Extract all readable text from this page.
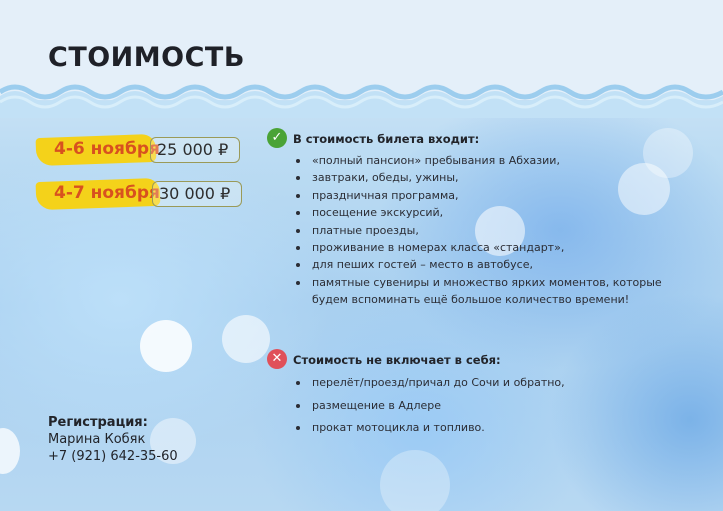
СТОИМОСТЬ
4-6 ноября
25 000 ₽
4-7 ноября 30 000 ₽
✓ В стоимость билета входит:
«полный пансион» пребывания в Абхазии,
завтраки, обеды, ужины,
праздничная программа,
посещение экскурсий,
платные проезды,
проживание в номерах класса «стандарт»,
для пеших гостей – место в автобусе,
памятные сувениры и множество ярких моментов, которые
будем вспоминать ещё большое количество времени!
✕ Стоимость не включает в себя:
перелёт/проезд/причал до Сочи и обратно,
размещение в Адлере
прокат мотоцикла и топливо.
Регистрация:
Марина Кобяк
+7 (921) 642-35-60
